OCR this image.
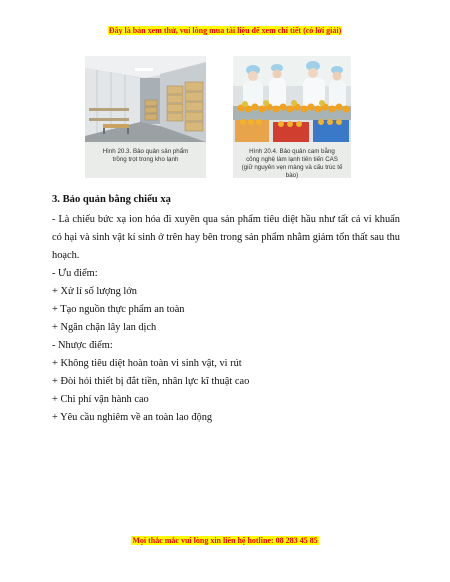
Đây là bản xem thử, vui lòng mua tài liệu để xem chi tiết (có lời giải)
Hình 20.3. Bảo quản sản phẩm
trồng trọt trong kho lạnh
Hình 20.4. Bảo quản cam bằng
công nghệ làm lạnh tiên tiến CAS
(giữ nguyên vẹn màng và cấu trúc tế bào)
3. Bảo quản bằng chiếu xạ
- Là chiếu bức xạ ion hóa đi xuyên qua sản phẩm tiêu diệt hầu như tất cả vi khuẩn có hại và sinh vật kí sinh ở trên hay bên trong sản phẩm nhằm giảm tổn thất sau thu hoạch.
- Ưu điểm:
+ Xử lí số lượng lớn
+ Tạo nguồn thực phẩm an toàn
+ Ngăn chặn lây lan dịch
- Nhược điểm:
+ Không tiêu diệt hoàn toàn vi sinh vật, vi rút
+ Đòi hỏi thiết bị đắt tiền, nhân lực kĩ thuật cao
+ Chi phí vận hành cao
+ Yêu cầu nghiêm về an toàn lao động
Mọi thắc mắc vui lòng xin liên hệ hotline: 08 283 45 85
